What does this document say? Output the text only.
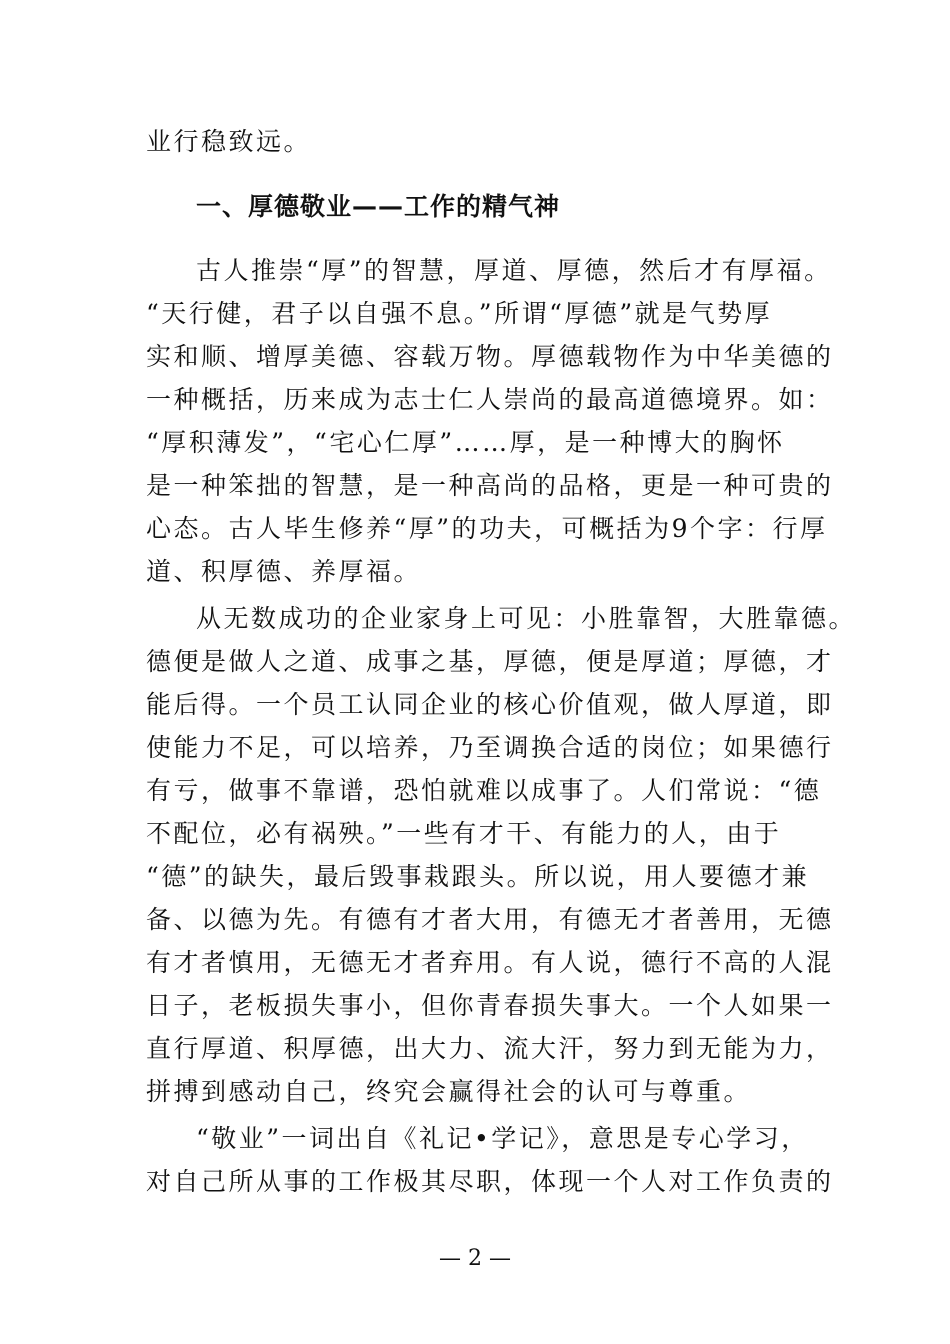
业行稳致远。
一、厚德敬业——工作的精气神
古人推崇“厚”的智慧，厚道、厚德，然后才有厚福。
“天行健，君子以自强不息。”所谓“厚德”就是气势厚
实和顺、增厚美德、容载万物。厚德载物作为中华美德的
一种概括，历来成为志士仁人崇尚的最高道德境界。如：
“厚积薄发”，“宅心仁厚”……厚，是一种博大的胸怀
是一种笨拙的智慧，是一种高尚的品格，更是一种可贵的
心态。古人毕生修养“厚”的功夫，可概括为9个字：行厚
道、积厚德、养厚福。
从无数成功的企业家身上可见：小胜靠智，大胜靠德。
德便是做人之道、成事之基，厚德，便是厚道；厚德，才
能后得。一个员工认同企业的核心价值观，做人厚道，即
使能力不足，可以培养，乃至调换合适的岗位；如果德行
有亏，做事不靠谱，恐怕就难以成事了。人们常说：“德
不配位，必有祸殃。”一些有才干、有能力的人，由于
“德”的缺失，最后毁事栽跟头。所以说，用人要德才兼
备、以德为先。有德有才者大用，有德无才者善用，无德
有才者慎用，无德无才者弃用。有人说，德行不高的人混
日子，老板损失事小，但你青春损失事大。一个人如果一
直行厚道、积厚德，出大力、流大汗，努力到无能为力，
拼搏到感动自己，终究会赢得社会的认可与尊重。
“敬业”一词出自《礼记•学记》，意思是专心学习，
对自己所从事的工作极其尽职，体现一个人对工作负责的
— 2 —
